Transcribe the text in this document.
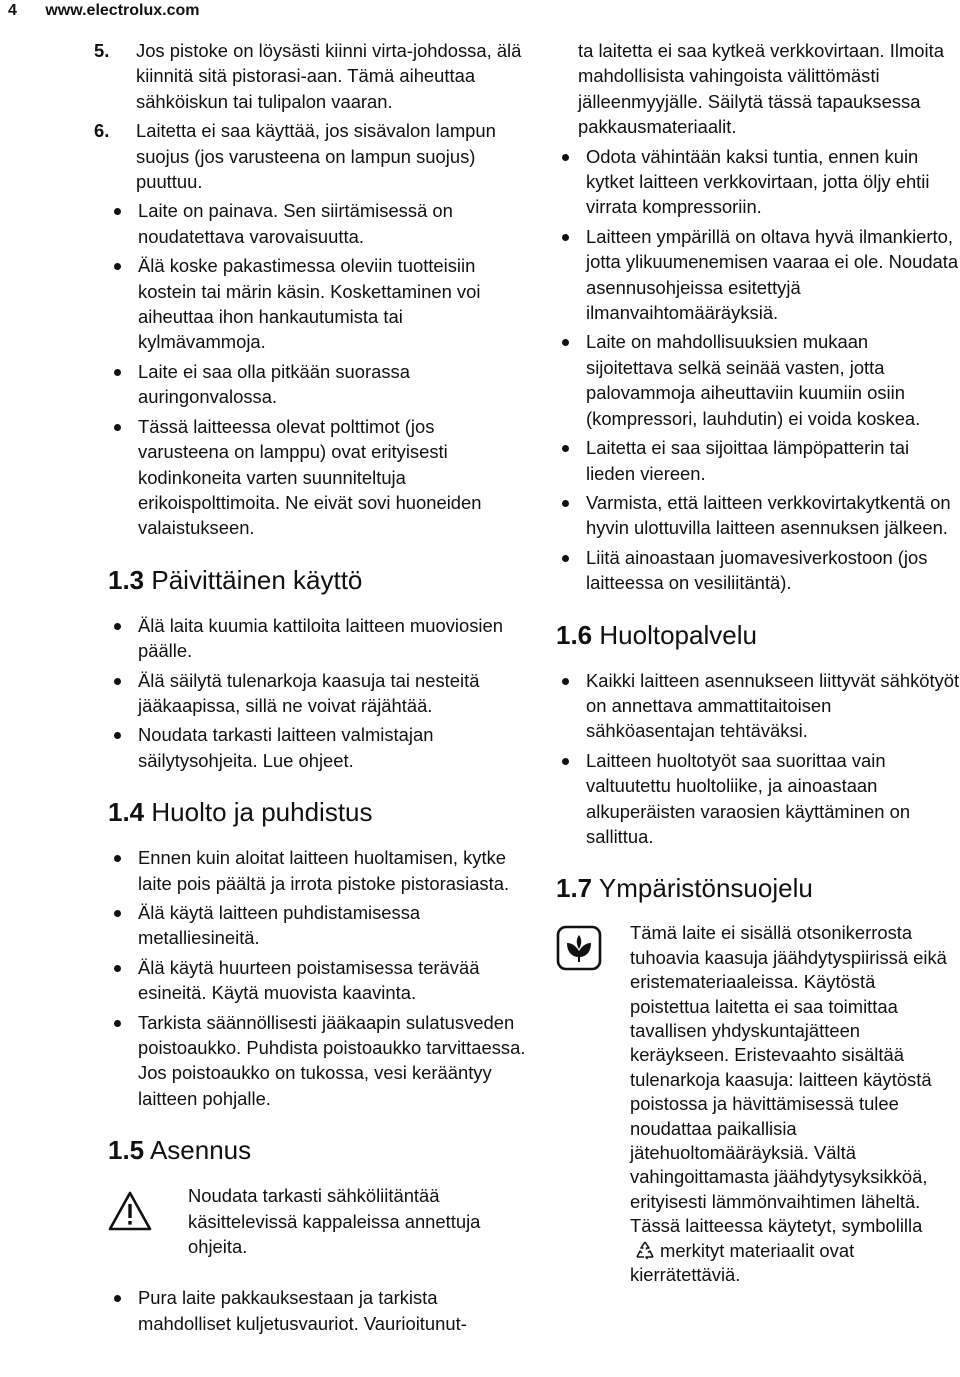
4 www.electrolux.com
5. Jos pistoke on löysästi kiinni virta-johdossa, älä kiinnitä sitä pistorasi-aan. Tämä aiheuttaa sähköiskun tai tulipalon vaaran.
6. Laitetta ei saa käyttää, jos sisävalon lampun suojus (jos varusteena on lampun suojus) puuttuu.
Laite on painava. Sen siirtämisessä on noudatettava varovaisuutta.
Älä koske pakastimessa oleviin tuotteisiin kostein tai märin käsin. Koskettaminen voi aiheuttaa ihon hankautumista tai kylmävammoja.
Laite ei saa olla pitkään suorassa auringonvalossa.
Tässä laitteessa olevat polttimot (jos varusteena on lamppu) ovat erityisesti kodinkoneita varten suunniteltuja erikoispolttimoita. Ne eivät sovi huoneiden valaistukseen.
1.3 Päivittäinen käyttö
Älä laita kuumia kattiloita laitteen muoviosien päälle.
Älä säilytä tulenarkoja kaasuja tai nesteitä jääkaapissa, sillä ne voivat räjähtää.
Noudata tarkasti laitteen valmistajan säilytysohjeita. Lue ohjeet.
1.4 Huolto ja puhdistus
Ennen kuin aloitat laitteen huoltamisen, kytke laite pois päältä ja irrota pistoke pistorasiasta.
Älä käytä laitteen puhdistamisessa metalliesineitä.
Älä käytä huurteen poistamisessa terävää esineitä. Käytä muovista kaavinta.
Tarkista säännöllisesti jääkaapin sulatusveden poistoaukko. Puhdista poistoaukko tarvittaessa. Jos poistoaukko on tukossa, vesi kerääntyy laitteen pohjalle.
1.5 Asennus
Noudata tarkasti sähköliitäntää käsittelevissä kappaleissa annettuja ohjeita.
Pura laite pakkauksestaan ja tarkista mahdolliset kuljetusvauriot. Vaurioitunut-
ta laitetta ei saa kytkeä verkkovirtaan. Ilmoita mahdollisista vahingoista välittömästi jälleenmyyjälle. Säilytä tässä tapauksessa pakkausmateriaalit.
Odota vähintään kaksi tuntia, ennen kuin kytket laitteen verkkovirtaan, jotta öljy ehtii virrata kompressoriin.
Laitteen ympärillä on oltava hyvä ilmankierto, jotta ylikuumenemisen vaaraa ei ole. Noudata asennusohjeissa esitettyjä ilmanvaihtomääräyksiä.
Laite on mahdollisuuksien mukaan sijoitettava selkä seinää vasten, jotta palovammoja aiheuttaviin kuumiin osiin (kompressori, lauhdutin) ei voida koskea.
Laitetta ei saa sijoittaa lämpöpatterin tai lieden viereen.
Varmista, että laitteen verkkovirtakytkentä on hyvin ulottuvilla laitteen asennuksen jälkeen.
Liitä ainoastaan juomavesiverkostoon (jos laitteessa on vesiliitäntä).
1.6 Huoltopalvelu
Kaikki laitteen asennukseen liittyvät sähkötyöt on annettava ammattitaitoisen sähköasentajan tehtäväksi.
Laitteen huoltotyöt saa suorittaa vain valtuutettu huoltoliike, ja ainoastaan alkuperäisten varaosien käyttäminen on sallittua.
1.7 Ympäristönsuojelu
Tämä laite ei sisällä otsonikerrosta tuhoavia kaasuja jäähdytyspiirissä eikä eristemateriaaleissa. Käytöstä poistettua laitetta ei saa toimittaa tavallisen yhdyskuntajätteen keräykseen. Eristevaahto sisältää tulenarkoja kaasuja: laitteen käytöstä poistossa ja hävittämisessä tulee noudattaa paikallisia jätehuoltomääräyksiä. Vältä vahingoittamasta jäähdytysyksikköä, erityisesti lämmönvaihtimen läheltä. Tässä laitteessa käytetyt, symbolillamerkityt materiaalit ovat kierrätettäviä.
